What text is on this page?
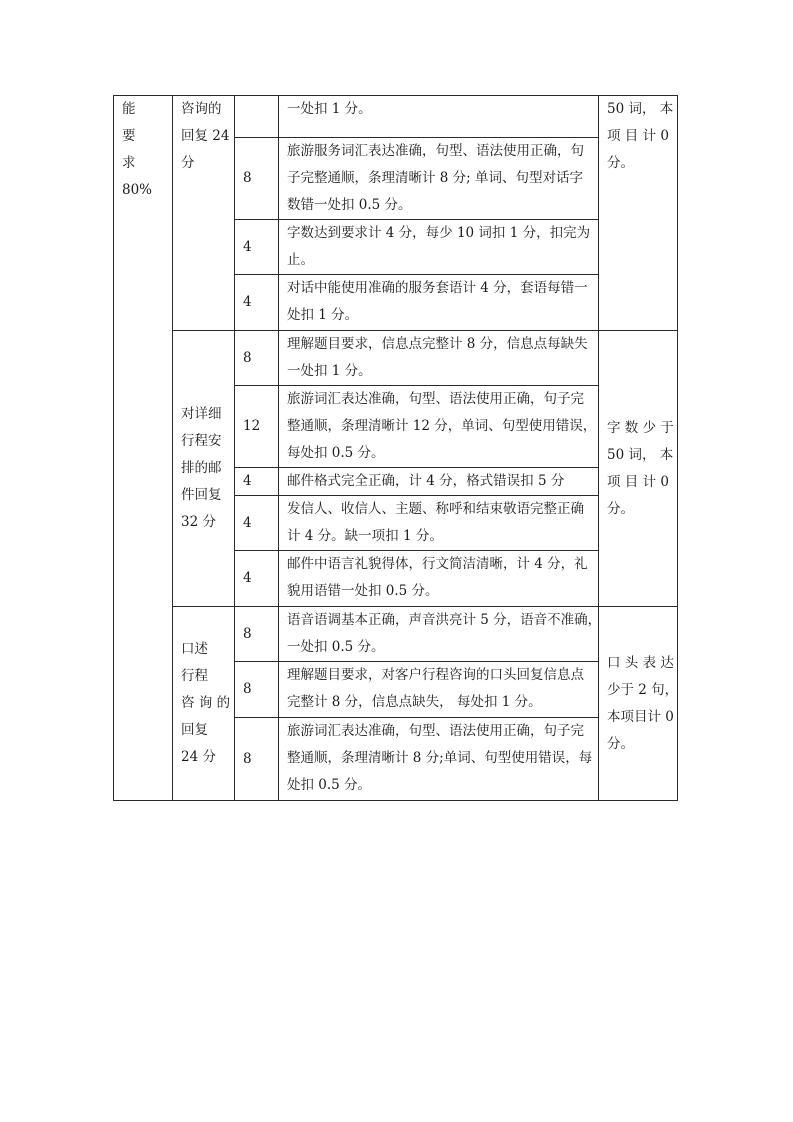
能
要
求
80%	咨询的
回复 24
分		一处扣 1 分。	50 词， 本
项 目 计 0
分。

		8	旅游服务词汇表达准确，句型、语法使用正确，句
子完整通顺，条理清晰计 8 分; 单词、句型对话字
数错一处扣 0.5 分。	

		4	字数达到要求计 4 分，每少 10 词扣 1 分，扣完为
止。	

		4	对话中能使用准确的服务套语计 4 分，套语每错一
处扣 1 分。	

	对详细
行程安
排的邮
件回复
32 分	8	理解题目要求，信息点完整计 8 分，信息点每缺失
一处扣 1 分。	字 数 少 于
50 词， 本
项 目 计 0
分。

		12	旅游词汇表达准确，句型、语法使用正确，句子完
整通顺，条理清晰计 12 分，单词、句型使用错误，
每处扣 0.5 分。	

		4	邮件格式完全正确，计 4 分，格式错误扣 5 分	

		4	发信人、收信人、主题、称呼和结束敬语完整正确
计 4 分。缺一项扣 1 分。	

		4	邮件中语言礼貌得体，行文简洁清晰，计 4 分，礼
貌用语错一处扣 0.5 分。	

	口述
行程
咨 询 的
回复
24 分	8	语音语调基本正确，声音洪亮计 5 分，语音不准确，
一处扣 0.5 分。	口 头 表 达
少于 2 句，
本项目计 0
分。

		8	理解题目要求，对客户行程咨询的口头回复信息点
完整计 8 分，信息点缺失， 每处扣 1 分。	

		8	旅游词汇表达准确，句型、语法使用正确，句子完
整通顺，条理清晰计 8 分;单词、句型使用错误，每
处扣 0.5 分。	
